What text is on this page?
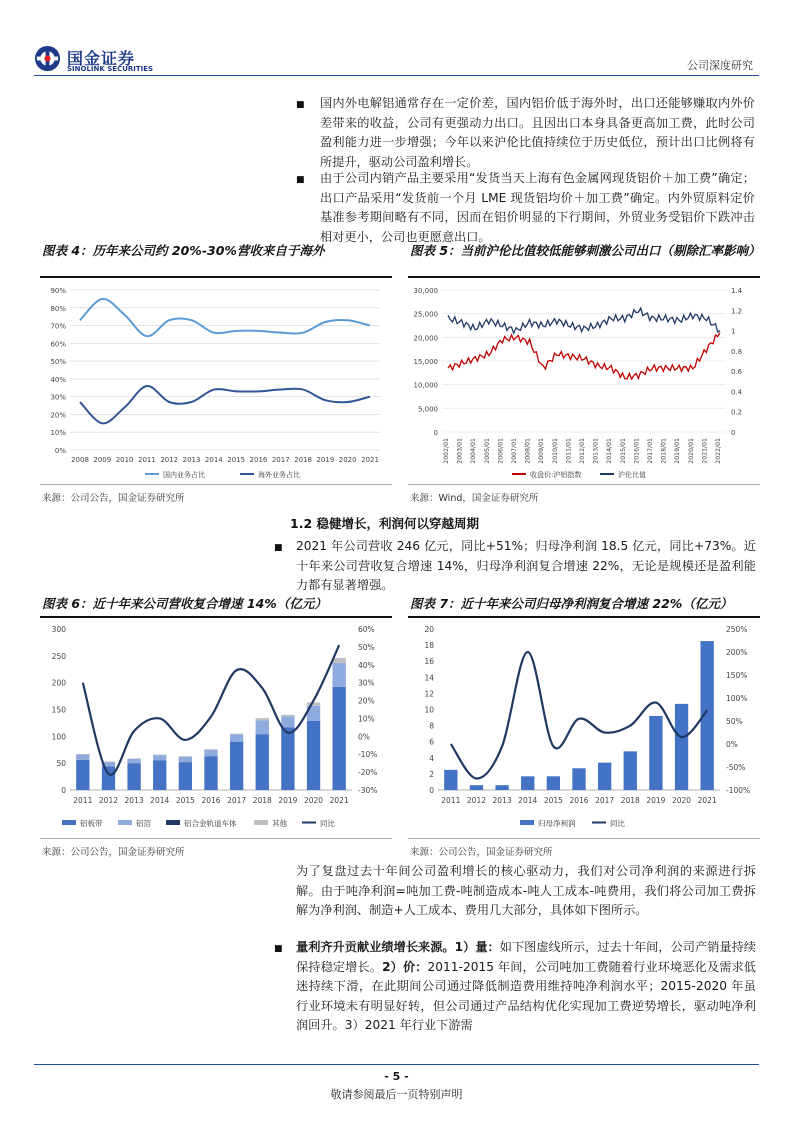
国金证券
SINOLINK SECURITIES	公司深度研究
■ 国内外电解铝通常存在一定价差，国内铝价低于海外时，出口还能够赚取内外价差带来的收益，公司有更强动力出口。且因出口本身具备更高加工费，此时公司盈利能力进一步增强；今年以来沪伦比值持续位于历史低位，预计出口比例将有所提升，驱动公司盈利增长。
■ 由于公司内销产品主要采用“发货当天上海有色金属网现货铝价＋加工费”确定；出口产品采用“发货前一个月 LME 现货铝均价＋加工费”确定。内外贸原料定价基准参考期间略有不同，因而在铝价明显的下行期间，外贸业务受铝价下跌冲击相对更小，公司也更愿意出口。
图表 4：历年来公司约 20%-30%营收来自于海外
0%
10%
20%
30%
40%
50%
60%
70%
80%
90%
2008 2009 2010 2011 2012 2013 2014 2015 2016 2017 2018 2019 2020 2021
国内业务占比	海外业务占比
来源：公司公告，国金证券研究所
图表 5：当前沪伦比值较低能够刺激公司出口（剔除汇率影响）
0
5,000
10,000
15,000
20,000
25,000
30,000
0
0.2
0.4
0.6
0.8
1
1.2
1.4
2002/01 2003/01 2004/01 2005/01 2006/01 2007/01 2008/01 2009/01 2010/01 2011/01 2012/01 2013/01 2014/01 2015/01 2016/01 2017/01 2018/01 2019/01 2020/01 2021/01 2022/01
收盘价:沪铝指数	沪伦比值
来源：Wind，国金证券研究所
1.2 稳健增长，利润何以穿越周期
■ 2021 年公司营收 246 亿元，同比+51%；归母净利润 18.5 亿元，同比+73%。近十年来公司营收复合增速 14%，归母净利润复合增速 22%，无论是规模还是盈利能力都有显著增强。
图表 6：近十年来公司营收复合增速 14%（亿元）
0
50
100
150
200
250
300
-30%
-20%
-10%
0%
10%
20%
30%
40%
50%
60%
2011 2012 2013 2014 2015 2016 2017 2018 2019 2020 2021
铝板带	铝箔	铝合金轨道车体	其他	同比
来源：公司公告，国金证券研究所
图表 7：近十年来公司归母净利润复合增速 22%（亿元）
0
2
4
6
8
10
12
14
16
18
20
-100%
-50%
0%
50%
100%
150%
200%
250%
2011 2012 2013 2014 2015 2016 2017 2018 2019 2020 2021
归母净利润	同比
来源：公司公告，国金证券研究所
为了复盘过去十年间公司盈利增长的核心驱动力，我们对公司净利润的来源进行拆解。由于吨净利润=吨加工费-吨制造成本-吨人工成本-吨费用，我们将公司加工费拆解为净利润、制造+人工成本、费用几大部分，具体如下图所示。
■ 量利齐升贡献业绩增长来源。1）量：如下图虚线所示，过去十年间，公司产销量持续保持稳定增长。2）价：2011-2015 年间，公司吨加工费随着行业环境恶化及需求低迷持续下滑，在此期间公司通过降低制造费用维持吨净利润水平；2015-2020 年虽行业环境未有明显好转，但公司通过产品结构优化实现加工费逆势增长，驱动吨净利润回升。3）2021 年行业下游需
- 5 -
敬请参阅最后一页特别声明
